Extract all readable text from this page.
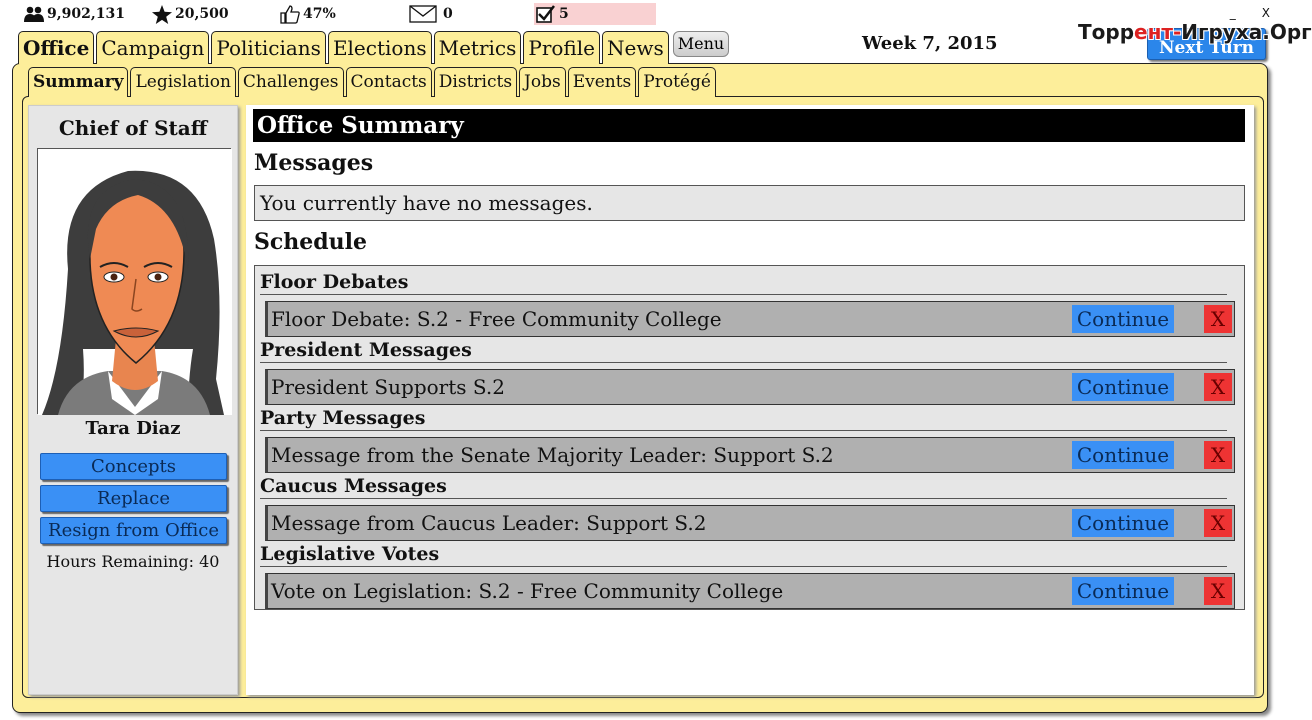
9,902,131	20,500	47%	0	5
Week 7, 2015	Next Turn
Торрент-Игруха.Орг
_ X
Office Campaign Politicians Elections Metrics Profile News Menu
Summary Legislation Challenges Contacts Districts Jobs Events Protégé
Chief of Staff
Tara Diaz
Concepts
Replace
Resign from Office
Hours Remaining: 40
Office Summary
Messages
You currently have no messages.
Schedule
Floor Debates
Floor Debate: S.2 - Free Community College	Continue	X
President Messages
President Supports S.2	Continue	X
Party Messages
Message from the Senate Majority Leader: Support S.2	Continue	X
Caucus Messages
Message from Caucus Leader: Support S.2	Continue	X
Legislative Votes
Vote on Legislation: S.2 - Free Community College	Continue	X
